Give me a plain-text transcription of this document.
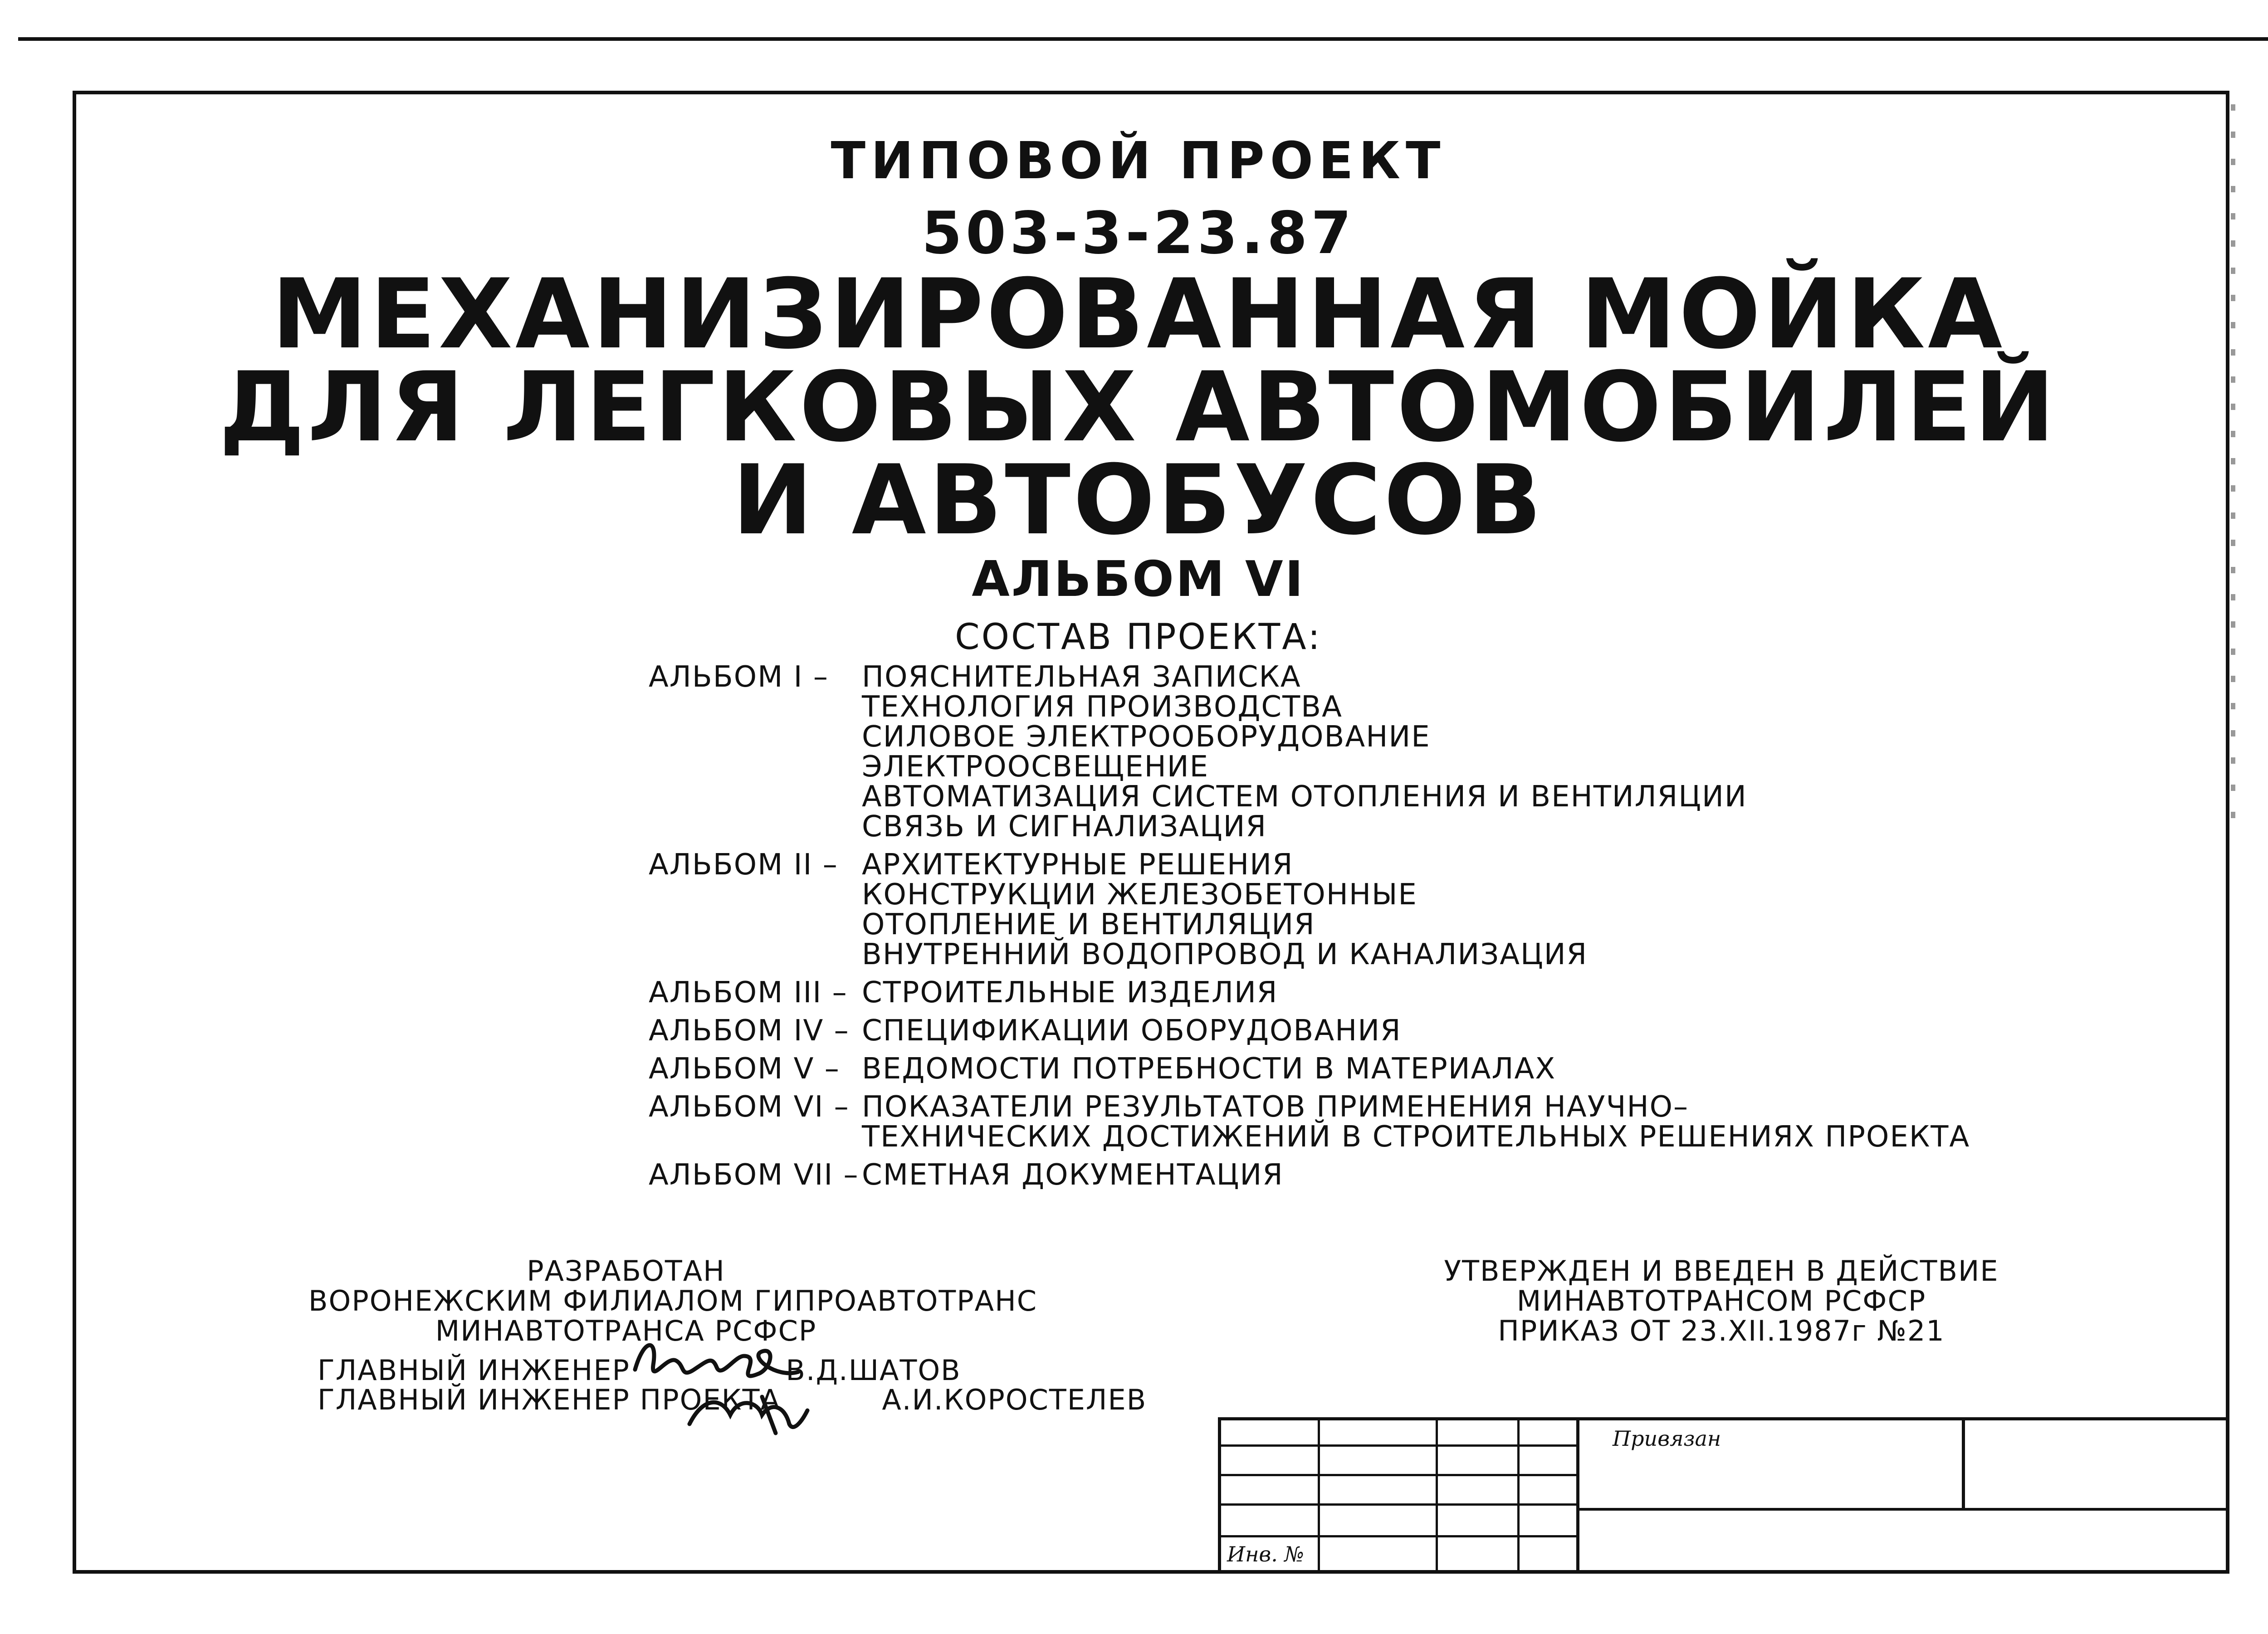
ТИПОВОЙ ПРОЕКТ
503-3-23.87
МЕХАНИЗИРОВАННАЯ МОЙКА
ДЛЯ ЛЕГКОВЫХ АВТОМОБИЛЕЙ
И АВТОБУСОВ
АЛЬБОМ VI
СОСТАВ ПРОЕКТА:
АЛЬБОМ I –	ПОЯСНИТЕЛЬНАЯ ЗАПИСКА
ТЕХНОЛОГИЯ ПРОИЗВОДСТВА
СИЛОВОЕ ЭЛЕКТРООБОРУДОВАНИЕ
ЭЛЕКТРООСВЕЩЕНИЕ
АВТОМАТИЗАЦИЯ СИСТЕМ ОТОПЛЕНИЯ И ВЕНТИЛЯЦИИ
СВЯЗЬ И СИГНАЛИЗАЦИЯ
АЛЬБОМ II – АРХИТЕКТУРНЫЕ РЕШЕНИЯ
КОНСТРУКЦИИ ЖЕЛЕЗОБЕТОННЫЕ
ОТОПЛЕНИЕ И ВЕНТИЛЯЦИЯ
ВНУТРЕННИЙ ВОДОПРОВОД И КАНАЛИЗАЦИЯ
АЛЬБОМ III – СТРОИТЕЛЬНЫЕ ИЗДЕЛИЯ
АЛЬБОМ IV – СПЕЦИФИКАЦИИ ОБОРУДОВАНИЯ
АЛЬБОМ V – ВЕДОМОСТИ ПОТРЕБНОСТИ В МАТЕРИАЛАХ
АЛЬБОМ VI – ПОКАЗАТЕЛИ РЕЗУЛЬТАТОВ ПРИМЕНЕНИЯ НАУЧНО–
ТЕХНИЧЕСКИХ ДОСТИЖЕНИЙ В СТРОИТЕЛЬНЫХ РЕШЕНИЯХ ПРОЕКТА
АЛЬБОМ VII – СМЕТНАЯ ДОКУМЕНТАЦИЯ
РАЗРАБОТАН
ВОРОНЕЖСКИМ ФИЛИАЛОМ ГИПРОАВТОТРАНС
МИНАВТОТРАНСА РСФСР
ГЛАВНЫЙ ИНЖЕНЕР	В.Д.ШАТОВ
ГЛАВНЫЙ ИНЖЕНЕР ПРОЕКТА	А.И.КОРОСТЕЛЕВ
УТВЕРЖДЕН И ВВЕДЕН В ДЕЙСТВИЕ
МИНАВТОТРАНСОМ РСФСР
ПРИКАЗ ОТ 23.XII.1987г №21
Привязан
Инв. №
